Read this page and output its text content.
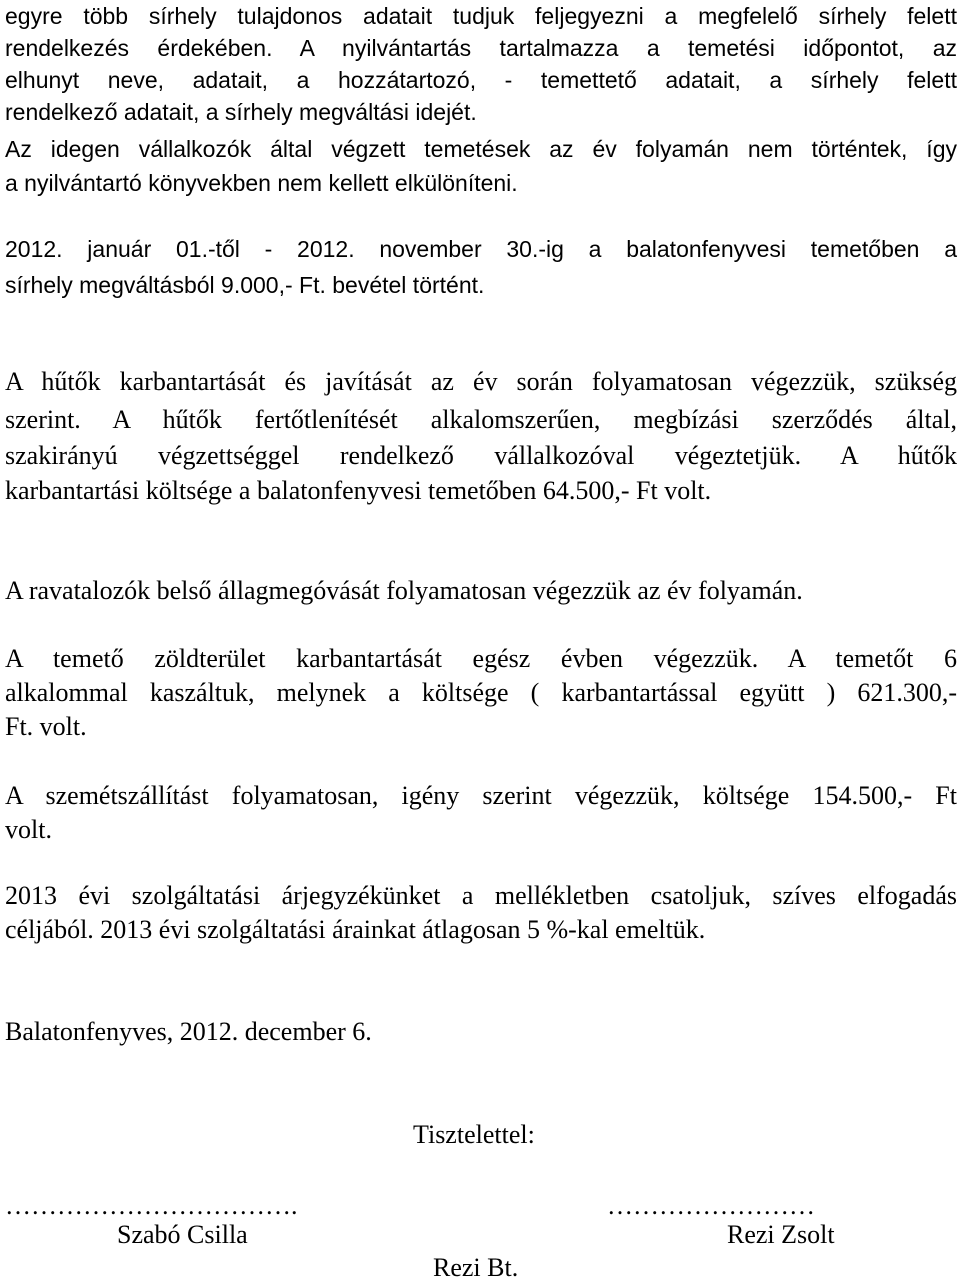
egyre több sírhely tulajdonos adatait tudjuk feljegyezni a megfelelő sírhely felett
rendelkezés érdekében. A nyilvántartás tartalmazza a temetési időpontot, az
elhunyt neve, adatait, a hozzátartozó, - temettető adatait, a sírhely felett
rendelkező adatait, a sírhely megváltási idejét.
Az idegen vállalkozók által végzett temetések az év folyamán nem történtek, így
a nyilvántartó könyvekben nem kellett elkülöníteni.
2012. január 01.-től - 2012. november 30.-ig a balatonfenyvesi temetőben a
sírhely megváltásból 9.000,- Ft. bevétel történt.
A hűtők karbantartását és javítását az év során folyamatosan végezzük, szükség
szerint. A hűtők fertőtlenítését alkalomszerűen, megbízási szerződés által,
szakirányú végzettséggel rendelkező vállalkozóval végeztetjük. A hűtők
karbantartási költsége a balatonfenyvesi temetőben 64.500,- Ft volt.
A ravatalozók belső állagmegóvását folyamatosan végezzük az év folyamán.
A temető zöldterület karbantartását egész évben végezzük. A temetőt 6
alkalommal kaszáltuk, melynek a költsége ( karbantartással együtt ) 621.300,-
Ft. volt.
A szemétszállítást folyamatosan, igény szerint végezzük, költsége 154.500,- Ft
volt.
2013 évi szolgáltatási árjegyzékünket a mellékletben csatoljuk, szíves elfogadás
céljából. 2013 évi szolgáltatási árainkat átlagosan 5 %-kal emeltük.
Balatonfenyves, 2012. december 6.
Tisztelettel:
…………………………….	……………………
Szabó Csilla	Rezi Zsolt
Rezi Bt.
